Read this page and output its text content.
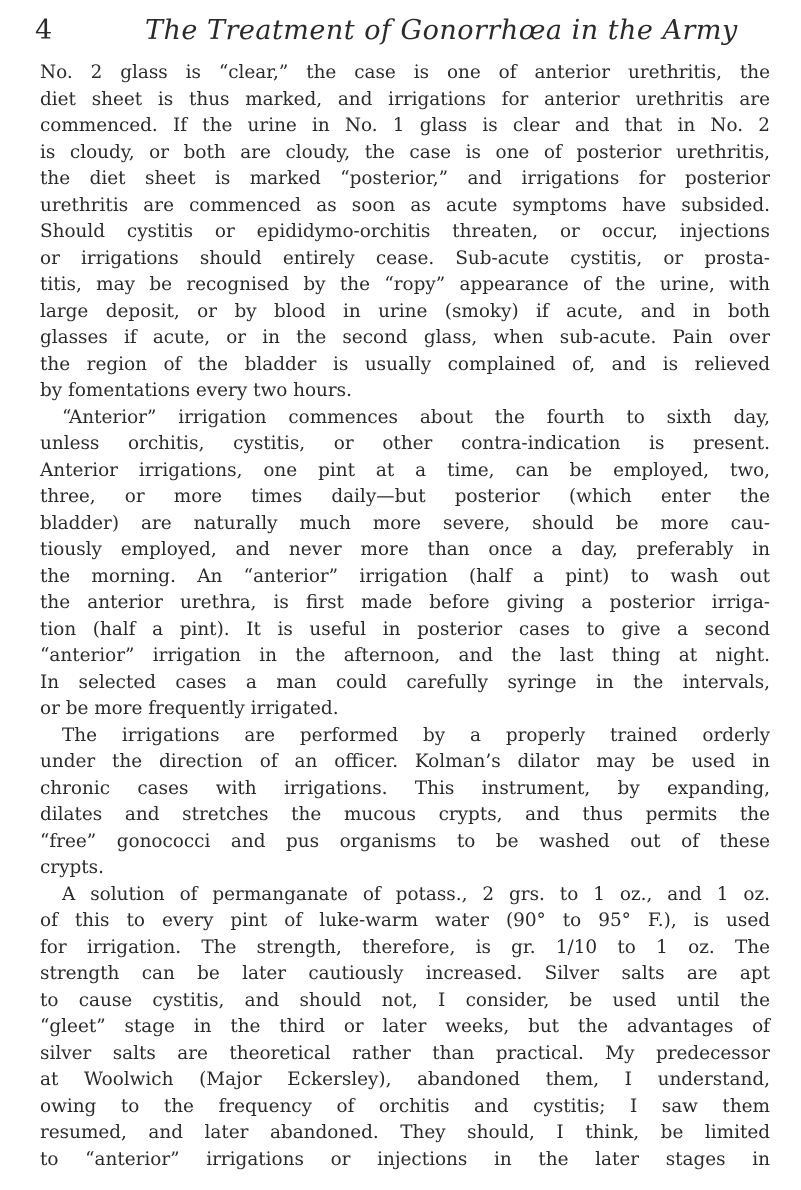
4	The Treatment of Gonorrhœa in the Army
No. 2 glass is “clear,” the case is one of anterior urethritis, the
diet sheet is thus marked, and irrigations for anterior urethritis are
commenced. If the urine in No. 1 glass is clear and that in No. 2
is cloudy, or both are cloudy, the case is one of posterior urethritis,
the diet sheet is marked “posterior,” and irrigations for posterior
urethritis are commenced as soon as acute symptoms have subsided.
Should cystitis or epididymo-orchitis threaten, or occur, injections
or irrigations should entirely cease. Sub-acute cystitis, or prosta-
titis, may be recognised by the “ropy” appearance of the urine, with
large deposit, or by blood in urine (smoky) if acute, and in both
glasses if acute, or in the second glass, when sub-acute. Pain over
the region of the bladder is usually complained of, and is relieved
by fomentations every two hours.
“Anterior” irrigation commences about the fourth to sixth day,
unless orchitis, cystitis, or other contra-indication is present.
Anterior irrigations, one pint at a time, can be employed, two,
three, or more times daily—but posterior (which enter the
bladder) are naturally much more severe, should be more cau-
tiously employed, and never more than once a day, preferably in
the morning. An “anterior” irrigation (half a pint) to wash out
the anterior urethra, is first made before giving a posterior irriga-
tion (half a pint). It is useful in posterior cases to give a second
“anterior” irrigation in the afternoon, and the last thing at night.
In selected cases a man could carefully syringe in the intervals,
or be more frequently irrigated.
The irrigations are performed by a properly trained orderly
under the direction of an officer. Kolman’s dilator may be used in
chronic cases with irrigations. This instrument, by expanding,
dilates and stretches the mucous crypts, and thus permits the
“free” gonococci and pus organisms to be washed out of these
crypts.
A solution of permanganate of potass., 2 grs. to 1 oz., and 1 oz.
of this to every pint of luke-warm water (90° to 95° F.), is used
for irrigation. The strength, therefore, is gr. 1/10 to 1 oz. The
strength can be later cautiously increased. Silver salts are apt
to cause cystitis, and should not, I consider, be used until the
“gleet” stage in the third or later weeks, but the advantages of
silver salts are theoretical rather than practical. My predecessor
at Woolwich (Major Eckersley), abandoned them, I understand,
owing to the frequency of orchitis and cystitis; I saw them
resumed, and later abandoned. They should, I think, be limited
to “anterior” irrigations or injections in the later stages in
